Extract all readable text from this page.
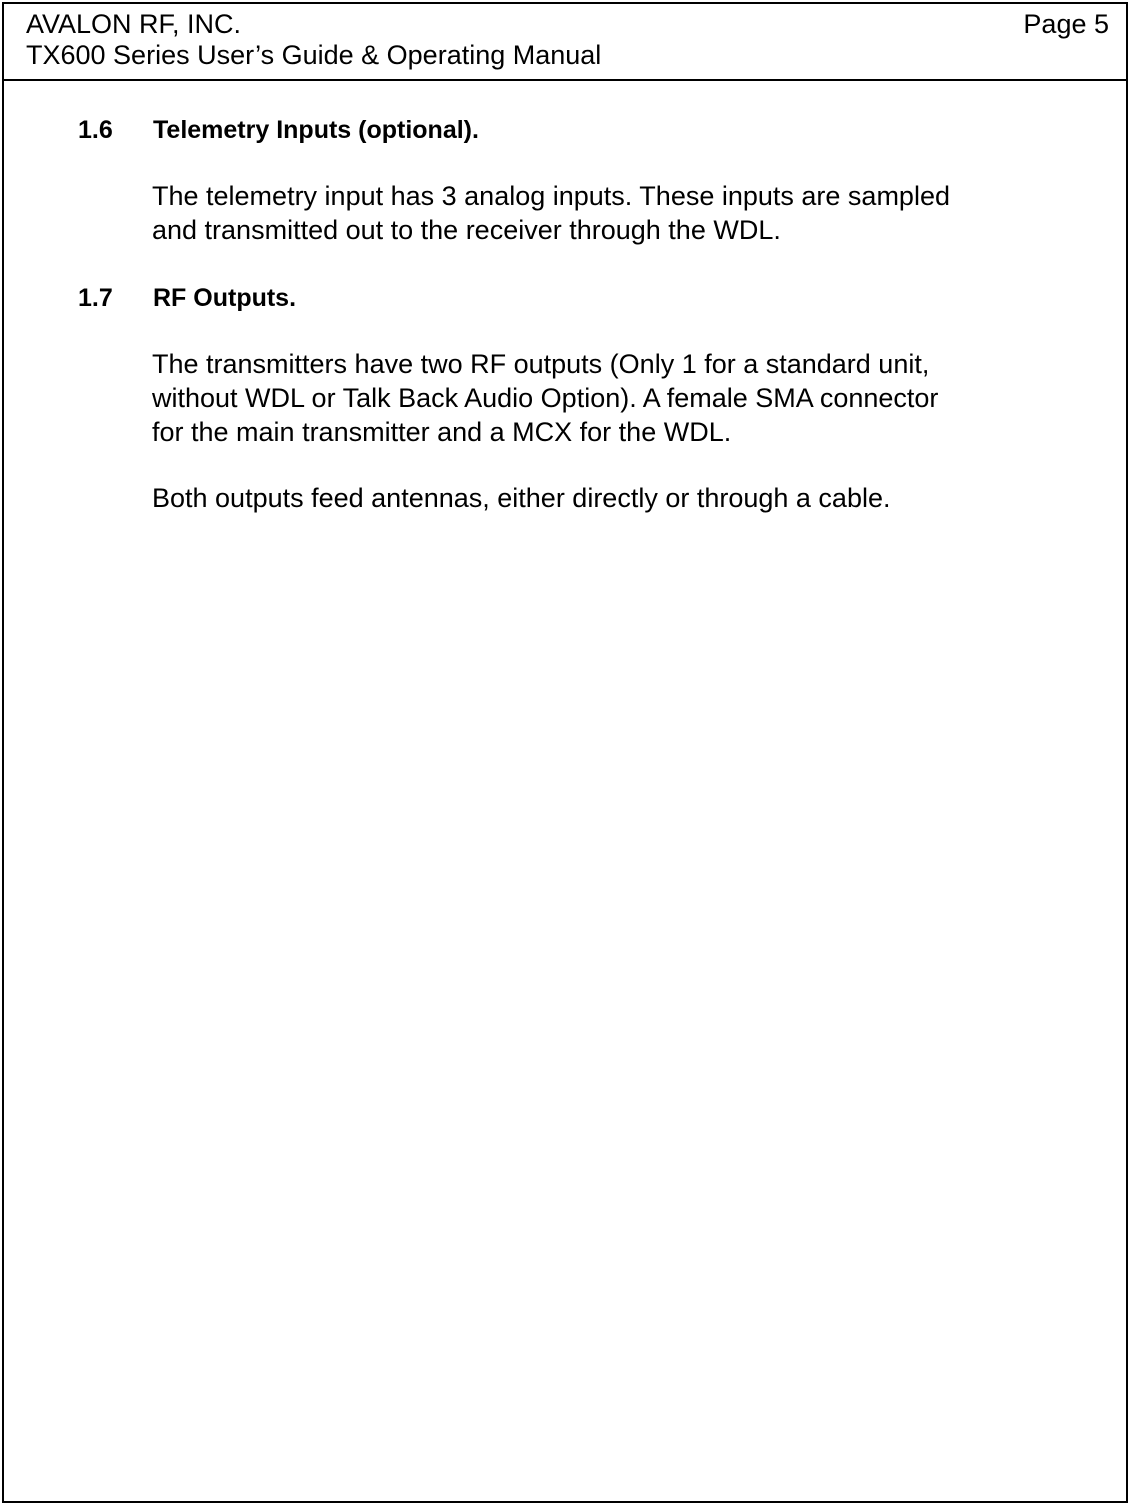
AVALON RF, INC.	Page 5
TX600 Series User’s Guide & Operating Manual
1.6 Telemetry Inputs (optional).
The telemetry input has 3 analog inputs. These inputs are sampled
and transmitted out to the receiver through the WDL.
1.7 RF Outputs.
The transmitters have two RF outputs (Only 1 for a standard unit,
without WDL or Talk Back Audio Option). A female SMA connector
for the main transmitter and a MCX for the WDL.
Both outputs feed antennas, either directly or through a cable.
